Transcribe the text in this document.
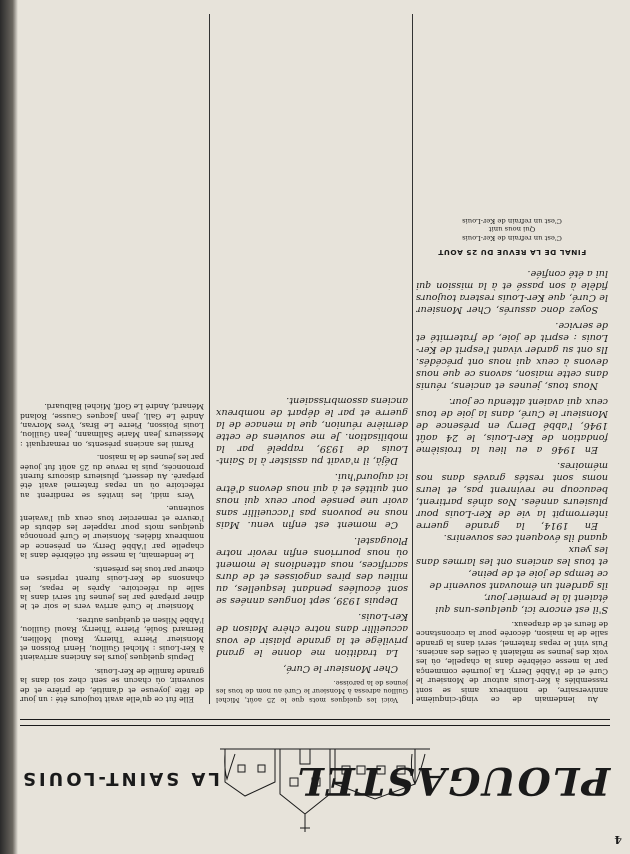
4
PLOUGASTEL
LA SAINT-LOUIS

Au lendemain de ce vingt-cinquième anniversaire, de nombreux amis se sont rassemblés à Ker-Louis autour de Monsieur le Curé et de l'Abbé Derry. La journée commença par la messe célébrée dans la chapelle, où les voix des jeunes se mêlaient à celles des anciens. Puis vint le repas fraternel, servi dans la grande salle de la maison, décorée pour la circonstance de fleurs et de drapeaux.

S'il est encore ici, quelques-uns qui

étaient là le premier jour,

ils gardent un émouvant souvenir de

ce temps de joie et de peine,

et tous les anciens ont les larmes dans les yeux

quand ils évoquent ces souvenirs.

En 1914, la grande guerre interrompit la vie de Ker-Louis pour plusieurs années. Nos aînés partirent, beaucoup ne revinrent pas, et leurs noms sont restés gravés dans nos mémoires.

En 1946 a eu lieu la troisième fondation de Ker-Louis, le 24 août 1946, l'abbé Derry en présence de Monsieur le Curé, dans la joie de tous ceux qui avaient attendu ce jour.

Nous tous, jeunes et anciens, réunis dans cette maison, savons ce que nous devons à ceux qui nous ont précédés. Ils ont su garder vivant l'esprit de Ker-Louis : esprit de joie, de fraternité et de service.

Soyez donc assurés, Cher Monsieur le Curé, que Ker-Louis restera toujours fidèle à son passé et à la mission qui lui a été confiée.

FINAL DE LA REVUE DU 25 AOUT

C'est un refrain de Ker-Louis

Qui nous unit

C'est un refrain de Ker-Louis

Voici les quelques mots que le 25 août, Michel Guillou adressa à Monsieur le Curé au nom de tous les jeunes de la paroisse.

Cher Monsieur le Curé,

La tradition me donne le grand privilège et la grande plaisir de vous accueillir dans notre chère Maison de Ker-Louis.

Depuis 1939, sept longues années se sont écoulées pendant lesquelles, au milieu des pires angoisses et de durs sacrifices, nous attendions le moment où nous pourrions enfin revoir notre Plougastel.

Ce moment est enfin venu. Mais nous ne pouvons pas l'accueillir sans avoir une pensée pour ceux qui nous ont quittés et à qui nous devons d'être ici aujourd'hui.

Déjà, il n'avait pu assister à la Saint-Louis de 1939, rappelé par la mobilisation. Je me souviens de cette dernière réunion, que la menace de la guerre et par le départ de nombreux anciens assombrissaient.

Elle fut ce qu'elle avait toujours été : un jour de fête joyeuse et d'amitié, de prière et de souvenir, où chacun se sent chez soi dans la grande famille de Ker-Louis.

Depuis quelques jours les Anciens arrivaient à Ker-Louis : Michel Guillou, Henri Poisson et Monsieur Pierre Thierry, Raoul Mollien, Bernard Soulé, Pierre Thierry, Raoul Guillou, l'Abbé Nilsen et quelques autres.

Monsieur le Curé arriva vers le soir et le dîner préparé par les jeunes fut servi dans la salle du réfectoire. Après le repas, les chansons de Ker-Louis furent reprises en chœur par tous les présents.

Le lendemain, la messe fut célébrée dans la chapelle par l'Abbé Derry, en présence de nombreux fidèles. Monsieur le Curé prononça quelques mots pour rappeler les débuts de l'œuvre et remercier tous ceux qui l'avaient soutenue.

Vers midi, les invités se rendirent au réfectoire où un repas fraternel avait été préparé. Au dessert, plusieurs discours furent prononcés, puis la revue du 25 août fut jouée par les jeunes de la maison.

Parmi les anciens présents, on remarquait : Messieurs Jean Marie Sallmann, Jean Guillou, Louis Poisson, Pierre Le Bras, Yves Morvan, André Le Gall, Jean Jacques Causse, Roland Ménard, André Le Goff, Michel Balbuard.
